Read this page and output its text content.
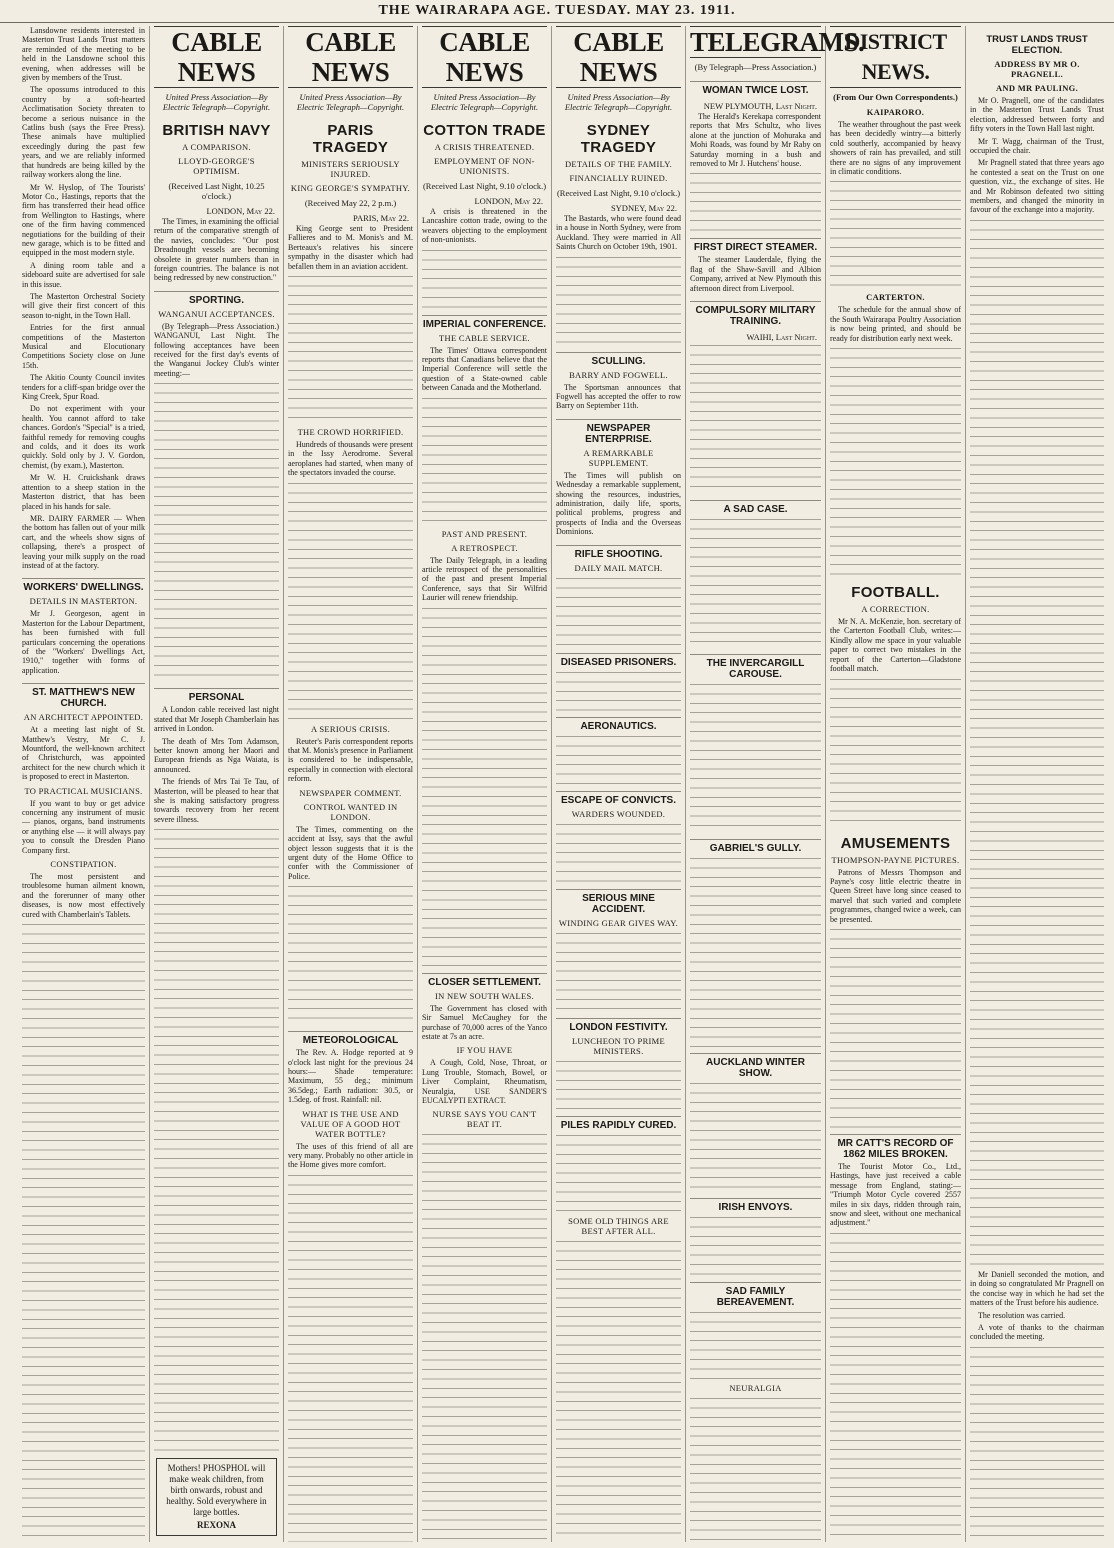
THE WAIRARAPA AGE. TUESDAY. MAY 23. 1911.

Lansdowne residents interested in Masterton Trust Lands Trust matters are reminded of the meeting to be held in the Lansdowne school this evening, when addresses will be given by members of the Trust.

The opossums introduced to this country by a soft-hearted Acclimatisation Society threaten to become a serious nuisance in the Catlins bush (says the Free Press). These animals have multiplied exceedingly during the past few years, and we are reliably informed that hundreds are being killed by the railway workers along the line.

Mr W. Hyslop, of The Tourists' Motor Co., Hastings, reports that the firm has transferred their head office from Wellington to Hastings, where one of the firm having commenced negotiations for the building of their new garage, which is to be fitted and equipped in the most modern style.

A dining room table and a sideboard suite are advertised for sale in this issue.

The Masterton Orchestral Society will give their first concert of this season to-night, in the Town Hall.

Entries for the first annual competitions of the Masterton Musical and Elocutionary Competitions Society close on June 15th.

The Akitio County Council invites tenders for a cliff-span bridge over the King Creek, Spur Road.

Do not experiment with your health. You cannot afford to take chances. Gordon's "Special" is a tried, faithful remedy for removing coughs and colds, and it does its work quickly. Sold only by J. V. Gordon, chemist, (by exam.), Masterton.

Mr W. H. Cruickshank draws attention to a sheep station in the Masterton district, that has been placed in his hands for sale.

MR. DAIRY FARMER — When the bottom has fallen out of your milk cart, and the wheels show signs of collapsing, there's a prospect of leaving your milk supply on the road instead of at the factory.

WORKERS' DWELLINGS.
DETAILS IN MASTERTON.

Mr J. Georgeson, agent in Masterton for the Labour Department, has been furnished with full particulars concerning the operations of the "Workers' Dwellings Act, 1910," together with forms of application.

ST. MATTHEW'S NEW CHURCH.
AN ARCHITECT APPOINTED.

At a meeting last night of St. Matthew's Vestry, Mr C. J. Mountford, the well-known architect of Christchurch, was appointed architect for the new church which it is proposed to erect in Masterton.

TO PRACTICAL MUSICIANS.

If you want to buy or get advice concerning any instrument of music — pianos, organs, band instruments or anything else — it will always pay you to consult the Dresden Piano Company first.

CONSTIPATION.

The most persistent and troublesome human ailment known, and the forerunner of many other diseases, is now most effectively cured with Chamberlain's Tablets.

CABLE NEWS
United Press Association—By Electric Telegraph—Copyright.
BRITISH NAVY
A COMPARISON.
LLOYD-GEORGE'S OPTIMISM.
(Received Last Night, 10.25 o'clock.)
LONDON, May 22.

The Times, in examining the official return of the comparative strength of the navies, concludes: "Our post Dreadnought vessels are becoming obsolete in greater numbers than in foreign countries. The balance is not being redressed by new construction."

SPORTING.
WANGANUI ACCEPTANCES.

(By Telegraph—Press Association.) WANGANUI, Last Night. The following acceptances have been received for the first day's events of the Wanganui Jockey Club's winter meeting:—

PERSONAL

A London cable received last night stated that Mr Joseph Chamberlain has arrived in London.

The death of Mrs Tom Adamson, better known among her Maori and European friends as Nga Waiata, is announced.

The friends of Mrs Tai Te Tau, of Masterton, will be pleased to hear that she is making satisfactory progress towards recovery from her recent severe illness.

Mothers! PHOSPHOL will make weak children, from birth onwards, robust and healthy. Sold everywhere in large bottles.
REXONA
CABLE NEWS
United Press Association—By Electric Telegraph—Copyright.
PARIS TRAGEDY
MINISTERS SERIOUSLY INJURED.
KING GEORGE'S SYMPATHY.
(Received May 22, 2 p.m.)
PARIS, May 22.

King George sent to President Fallieres and to M. Monis's and M. Berteaux's relatives his sincere sympathy in the disaster which had befallen them in an aviation accident.

THE CROWD HORRIFIED.

Hundreds of thousands were present in the Issy Aerodrome. Several aeroplanes had started, when many of the spectators invaded the course.

A SERIOUS CRISIS.

Reuter's Paris correspondent reports that M. Monis's presence in Parliament is considered to be indispensable, especially in connection with electoral reform.

NEWSPAPER COMMENT.
CONTROL WANTED IN LONDON.

The Times, commenting on the accident at Issy, says that the awful object lesson suggests that it is the urgent duty of the Home Office to confer with the Commissioner of Police.

METEOROLOGICAL

The Rev. A. Hodge reported at 9 o'clock last night for the previous 24 hours:— Shade temperature: Maximum, 55 deg.; minimum 36.5deg.; Earth radiation: 30.5, or 1.5deg. of frost. Rainfall: nil.

WHAT IS THE USE AND VALUE OF A GOOD HOT WATER BOTTLE?

The uses of this friend of all are very many. Probably no other article in the Home gives more comfort.

CABLE NEWS
United Press Association—By Electric Telegraph—Copyright.
COTTON TRADE
A CRISIS THREATENED.
EMPLOYMENT OF NON-UNIONISTS.
(Received Last Night, 9.10 o'clock.)
LONDON, May 22.

A crisis is threatened in the Lancashire cotton trade, owing to the weavers objecting to the employment of non-unionists.

IMPERIAL CONFERENCE.
THE CABLE SERVICE.

The Times' Ottawa correspondent reports that Canadians believe that the Imperial Conference will settle the question of a State-owned cable between Canada and the Motherland.

PAST AND PRESENT.
A RETROSPECT.

The Daily Telegraph, in a leading article retrospect of the personalities of the past and present Imperial Conference, says that Sir Wilfrid Laurier will renew friendship.

CLOSER SETTLEMENT.
IN NEW SOUTH WALES.

The Government has closed with Sir Samuel McCaughey for the purchase of 70,000 acres of the Yanco estate at 7s an acre.

IF YOU HAVE

A Cough, Cold, Nose, Throat, or Lung Trouble, Stomach, Bowel, or Liver Complaint, Rheumatism, Neuralgia, USE SANDER'S EUCALYPTI EXTRACT.

NURSE SAYS YOU CAN'T BEAT IT.
CABLE NEWS
United Press Association—By Electric Telegraph—Copyright.
SYDNEY TRAGEDY
DETAILS OF THE FAMILY.
FINANCIALLY RUINED.
(Received Last Night, 9.10 o'clock.)
SYDNEY, May 22.

The Bastards, who were found dead in a house in North Sydney, were from Auckland. They were married in All Saints Church on October 19th, 1901.

SCULLING.
BARRY AND FOGWELL.

The Sportsman announces that Fogwell has accepted the offer to row Barry on September 11th.

NEWSPAPER ENTERPRISE.
A REMARKABLE SUPPLEMENT.

The Times will publish on Wednesday a remarkable supplement, showing the resources, industries, administration, daily life, sports, political problems, progress and prospects of India and the Overseas Dominions.

RIFLE SHOOTING.
DAILY MAIL MATCH.
DISEASED PRISONERS.
AERONAUTICS.
ESCAPE OF CONVICTS.
WARDERS WOUNDED.
SERIOUS MINE ACCIDENT.
WINDING GEAR GIVES WAY.
LONDON FESTIVITY.
LUNCHEON TO PRIME MINISTERS.
PILES RAPIDLY CURED.
SOME OLD THINGS ARE BEST AFTER ALL.
TELEGRAMS.
(By Telegraph—Press Association.)
WOMAN TWICE LOST.
NEW PLYMOUTH, Last Night.

The Herald's Kerekapa correspondent reports that Mrs Schultz, who lives alone at the junction of Mohuraka and Mohi Roads, was found by Mr Raby on Saturday morning in a bush and removed to Mr J. Hutchens' house.

FIRST DIRECT STEAMER.

The steamer Lauderdale, flying the flag of the Shaw-Savill and Albion Company, arrived at New Plymouth this afternoon direct from Liverpool.

COMPULSORY MILITARY TRAINING.
WAIHI, Last Night.
A SAD CASE.
THE INVERCARGILL CAROUSE.
GABRIEL'S GULLY.
AUCKLAND WINTER SHOW.
IRISH ENVOYS.
SAD FAMILY BEREAVEMENT.
NEURALGIA
DISTRICT NEWS.
(From Our Own Correspondents.)
KAIPARORO.

The weather throughout the past week has been decidedly wintry—a bitterly cold southerly, accompanied by heavy showers of rain has prevailed, and still there are no signs of any improvement in climatic conditions.

CARTERTON.

The schedule for the annual show of the South Wairarapa Poultry Association is now being printed, and should be ready for distribution early next week.

FOOTBALL.
A CORRECTION.

Mr N. A. McKenzie, hon. secretary of the Carterton Football Club, writes:— Kindly allow me space in your valuable paper to correct two mistakes in the report of the Carterton—Gladstone football match.

AMUSEMENTS
THOMPSON-PAYNE PICTURES.

Patrons of Messrs Thompson and Payne's cosy little electric theatre in Queen Street have long since ceased to marvel that such varied and complete programmes, changed twice a week, can be presented.

MR CATT'S RECORD OF 1862 MILES BROKEN.

The Tourist Motor Co., Ltd., Hastings, have just received a cable message from England, stating:— "Triumph Motor Cycle covered 2557 miles in six days, ridden through rain, snow and sleet, without one mechanical adjustment."

TRUST LANDS TRUST ELECTION.
ADDRESS BY MR O. PRAGNELL.
AND MR PAULING.

Mr O. Pragnell, one of the candidates in the Masterton Trust Lands Trust election, addressed between forty and fifty voters in the Town Hall last night.

Mr T. Wagg, chairman of the Trust, occupied the chair.

Mr Pragnell stated that three years ago he contested a seat on the Trust on one question, viz., the exchange of sites. He and Mr Robinson defeated two sitting members, and changed the minority in favour of the exchange into a majority.

Mr Daniell seconded the motion, and in doing so congratulated Mr Pragnell on the concise way in which he had set the matters of the Trust before his audience.

The resolution was carried.

A vote of thanks to the chairman concluded the meeting.
